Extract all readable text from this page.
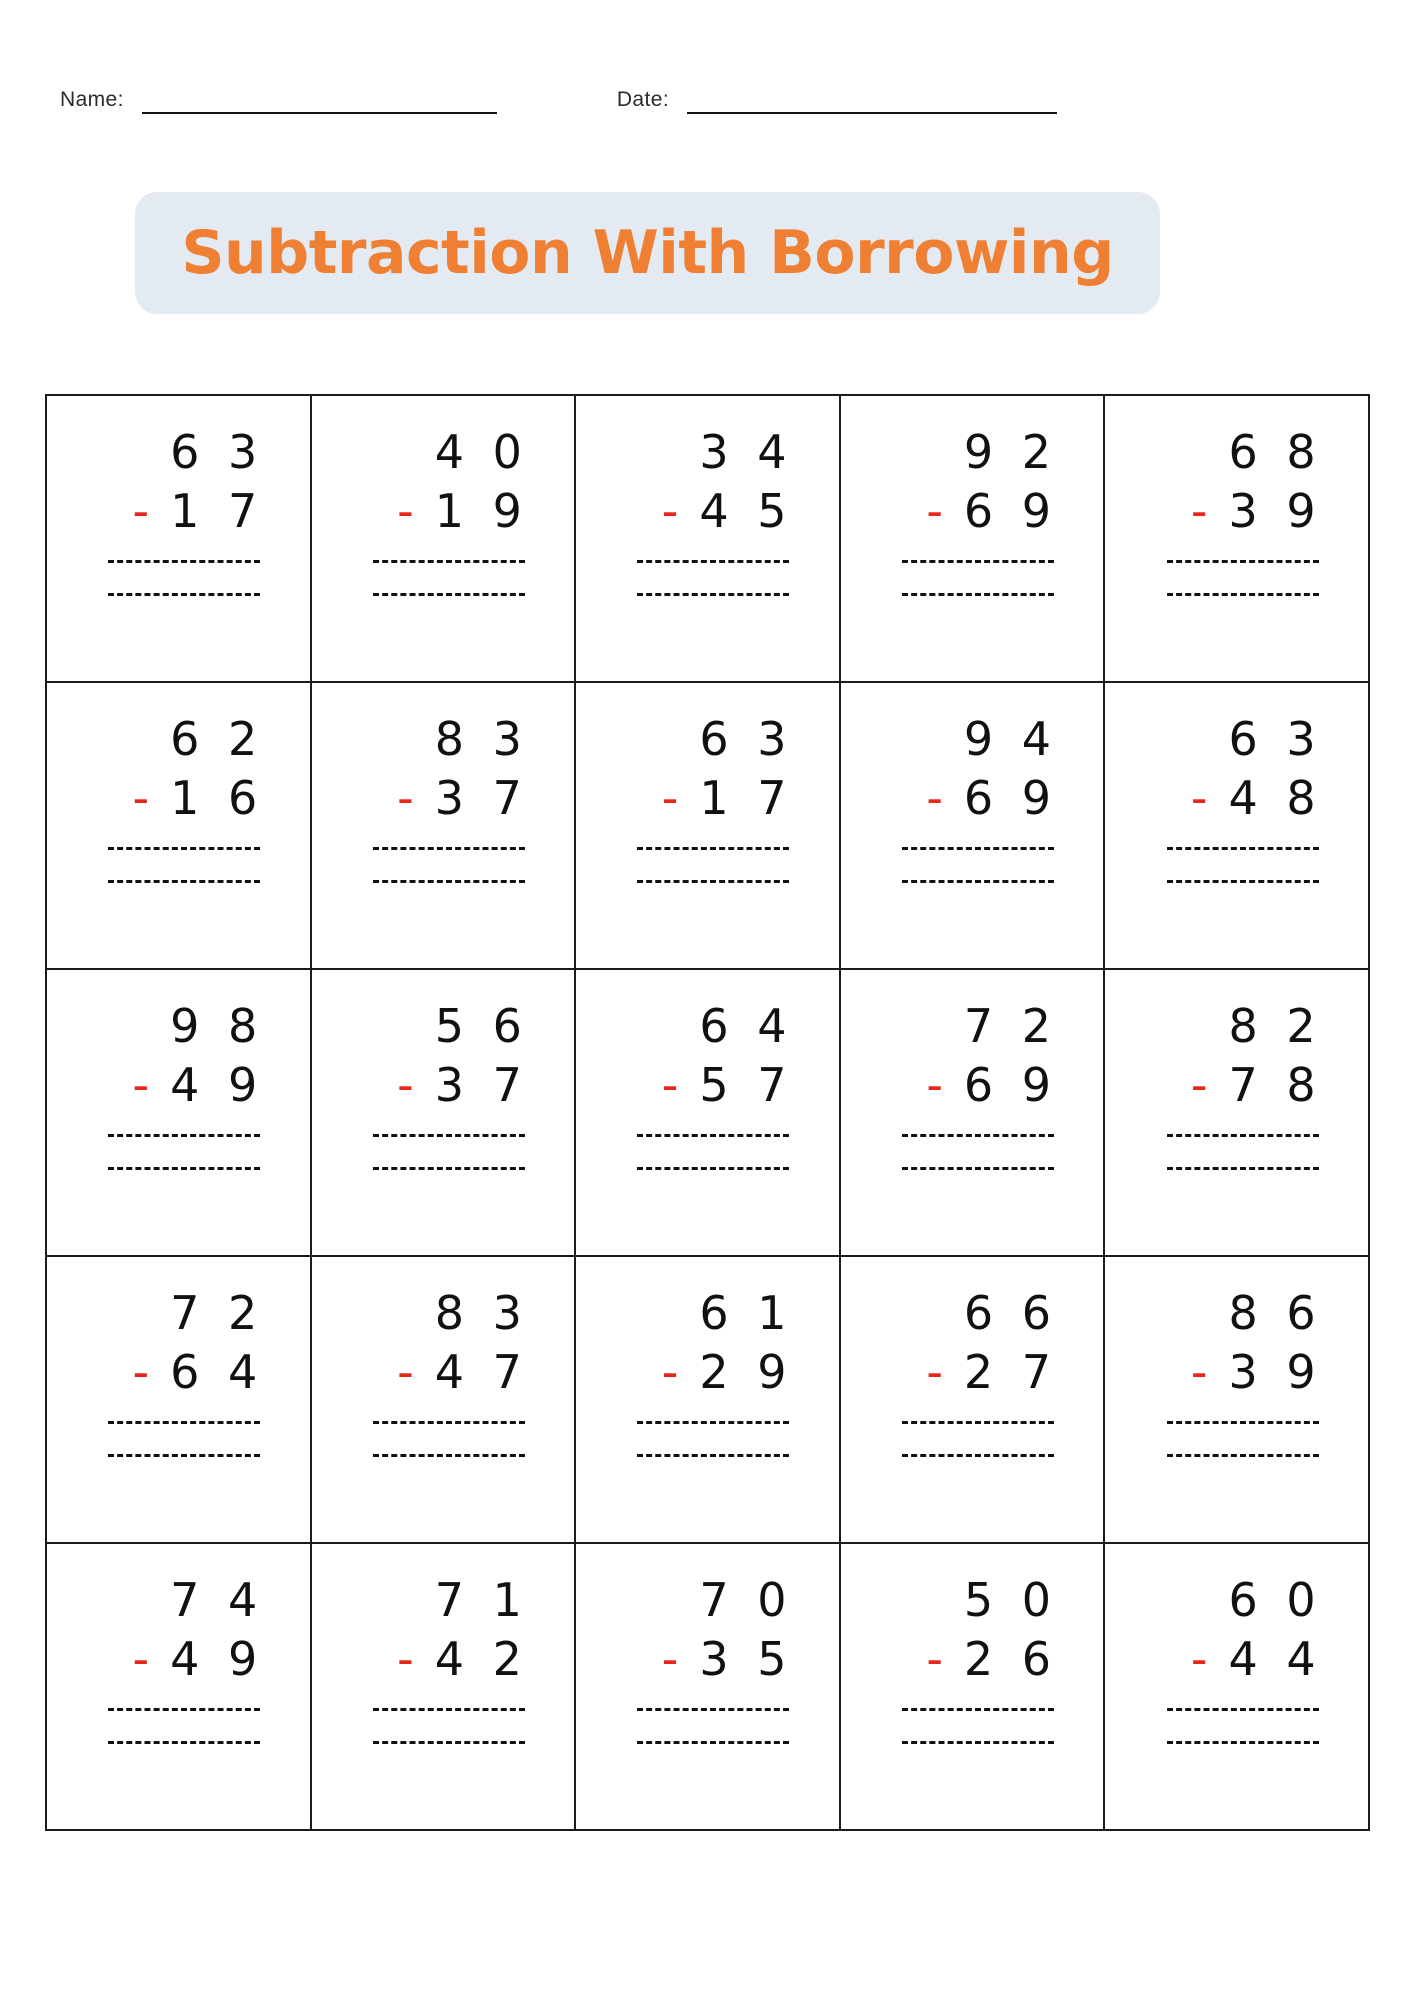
Name:	Date:
Subtraction With Borrowing
6 3
- 1 7

4 0
- 1 9

3 4
- 4 5

9 2
- 6 9

6 8
- 3 9

6 2
- 1 6

8 3
- 3 7

6 3
- 1 7

9 4
- 6 9

6 3
- 4 8

9 8
- 4 9

5 6
- 3 7

6 4
- 5 7

7 2
- 6 9

8 2
- 7 8

7 2
- 6 4

8 3
- 4 7

6 1
- 2 9

6 6
- 2 7

8 6
- 3 9

7 4
- 4 9

7 1
- 4 2

7 0
- 3 5

5 0
- 2 6

6 0
- 4 4
